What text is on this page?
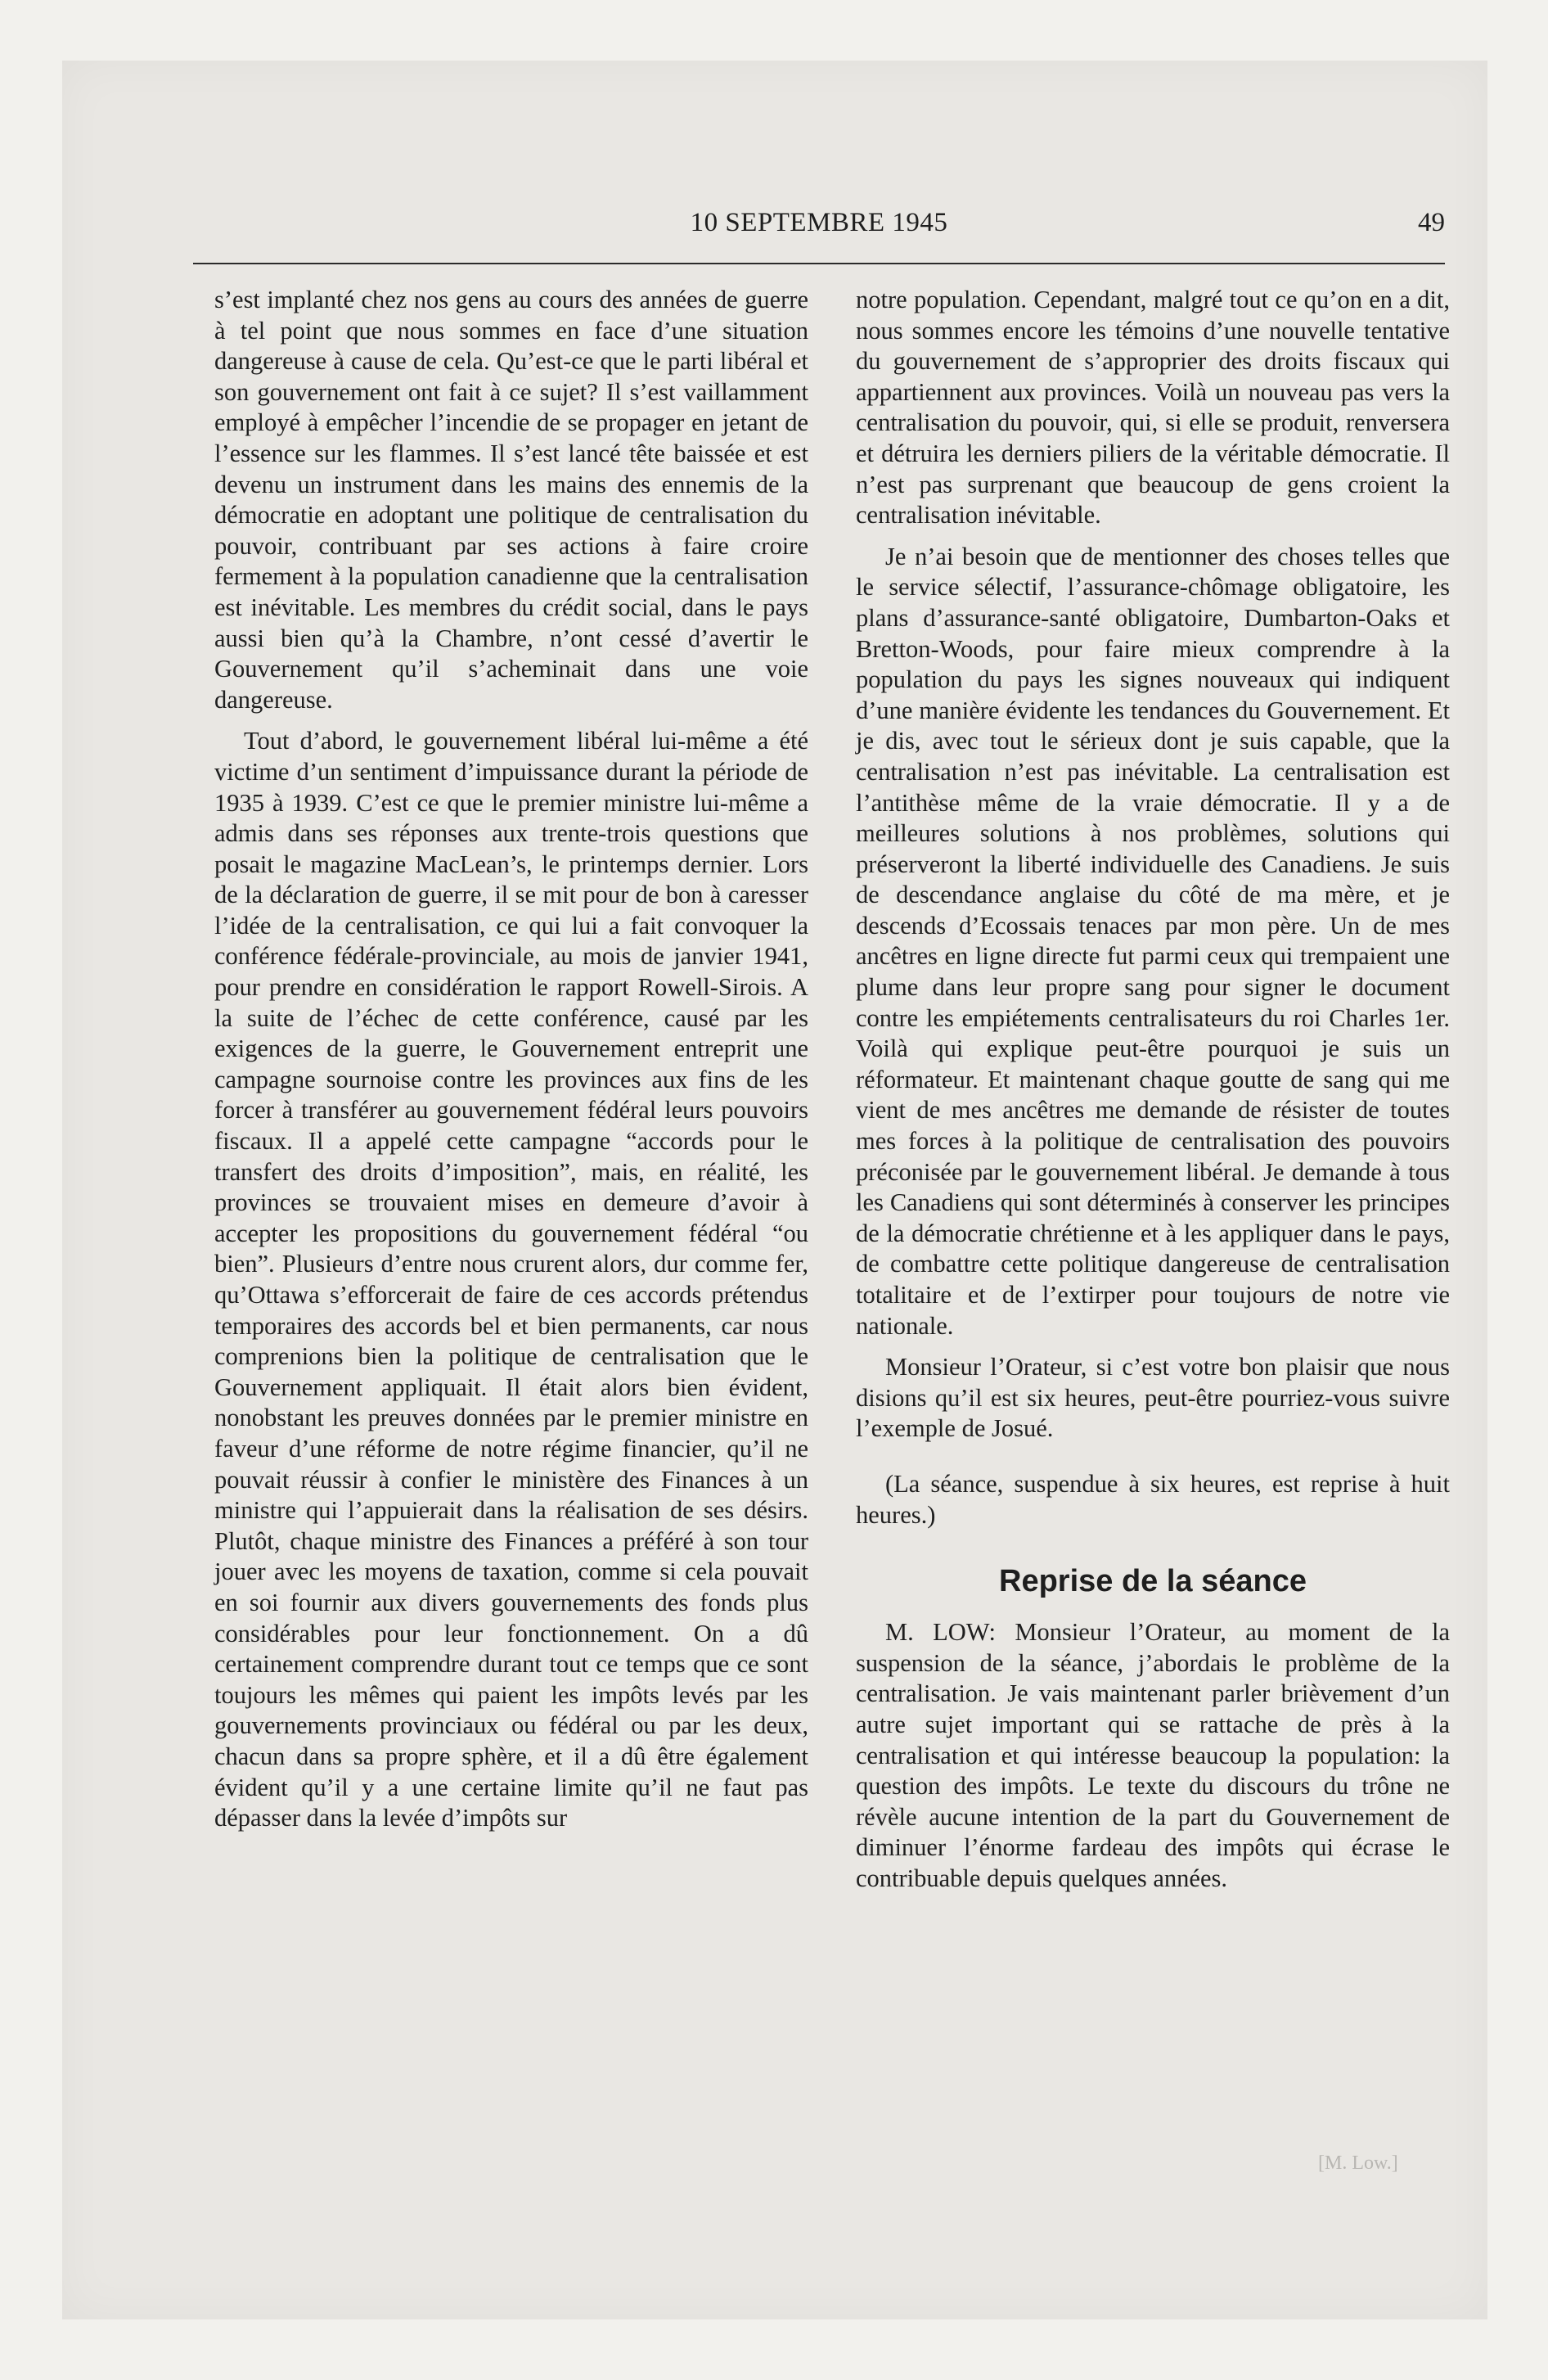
10 SEPTEMBRE 1945	49

s’est implanté chez nos gens au cours des années de guerre à tel point que nous sommes en face d’une situation dangereuse à cause de cela. Qu’est-ce que le parti libéral et son gouvernement ont fait à ce sujet? Il s’est vaillamment employé à empêcher l’incendie de se propager en jetant de l’essence sur les flammes. Il s’est lancé tête baissée et est devenu un instrument dans les mains des ennemis de la démocratie en adoptant une politique de centralisation du pouvoir, contribuant par ses actions à faire croire fermement à la population canadienne que la centralisation est inévitable. Les membres du crédit social, dans le pays aussi bien qu’à la Chambre, n’ont cessé d’avertir le Gouvernement qu’il s’acheminait dans une voie dangereuse.

Tout d’abord, le gouvernement libéral lui-même a été victime d’un sentiment d’impuissance durant la période de 1935 à 1939. C’est ce que le premier ministre lui-même a admis dans ses réponses aux trente-trois questions que posait le magazine MacLean’s, le printemps dernier. Lors de la déclaration de guerre, il se mit pour de bon à caresser l’idée de la centralisation, ce qui lui a fait convoquer la conférence fédérale-provinciale, au mois de janvier 1941, pour prendre en considération le rapport Rowell-Sirois. A la suite de l’échec de cette conférence, causé par les exigences de la guerre, le Gouvernement entreprit une campagne sournoise contre les provinces aux fins de les forcer à transférer au gouvernement fédéral leurs pouvoirs fiscaux. Il a appelé cette campagne “accords pour le transfert des droits d’imposition”, mais, en réalité, les provinces se trouvaient mises en demeure d’avoir à accepter les propositions du gouvernement fédéral “ou bien”. Plusieurs d’entre nous crurent alors, dur comme fer, qu’Ottawa s’efforcerait de faire de ces accords prétendus temporaires des accords bel et bien permanents, car nous comprenions bien la politique de centralisation que le Gouvernement appliquait. Il était alors bien évident, nonobstant les preuves données par le premier ministre en faveur d’une réforme de notre régime financier, qu’il ne pouvait réussir à confier le ministère des Finances à un ministre qui l’appuierait dans la réalisation de ses désirs. Plutôt, chaque ministre des Finances a préféré à son tour jouer avec les moyens de taxation, comme si cela pouvait en soi fournir aux divers gouvernements des fonds plus considérables pour leur fonctionnement. On a dû certainement comprendre durant tout ce temps que ce sont toujours les mêmes qui paient les impôts levés par les gouvernements provinciaux ou fédéral ou par les deux, chacun dans sa propre sphère, et il a dû être également évident qu’il y a une certaine limite qu’il ne faut pas dépasser dans la levée d’impôts sur

notre population. Cependant, malgré tout ce qu’on en a dit, nous sommes encore les témoins d’une nouvelle tentative du gouvernement de s’approprier des droits fiscaux qui appartiennent aux provinces. Voilà un nouveau pas vers la centralisation du pouvoir, qui, si elle se produit, renversera et détruira les derniers piliers de la véritable démocratie. Il n’est pas surprenant que beaucoup de gens croient la centralisation inévitable.

Je n’ai besoin que de mentionner des choses telles que le service sélectif, l’assurance-chômage obligatoire, les plans d’assurance-santé obligatoire, Dumbarton-Oaks et Bretton-Woods, pour faire mieux comprendre à la population du pays les signes nouveaux qui indiquent d’une manière évidente les tendances du Gouvernement. Et je dis, avec tout le sérieux dont je suis capable, que la centralisation n’est pas inévitable. La centralisation est l’antithèse même de la vraie démocratie. Il y a de meilleures solutions à nos problèmes, solutions qui préserveront la liberté individuelle des Canadiens. Je suis de descendance anglaise du côté de ma mère, et je descends d’Ecossais tenaces par mon père. Un de mes ancêtres en ligne directe fut parmi ceux qui trempaient une plume dans leur propre sang pour signer le document contre les empiétements centralisateurs du roi Charles 1er. Voilà qui explique peut-être pourquoi je suis un réformateur. Et maintenant chaque goutte de sang qui me vient de mes ancêtres me demande de résister de toutes mes forces à la politique de centralisation des pouvoirs préconisée par le gouvernement libéral. Je demande à tous les Canadiens qui sont déterminés à conserver les principes de la démocratie chrétienne et à les appliquer dans le pays, de combattre cette politique dangereuse de centralisation totalitaire et de l’extirper pour toujours de notre vie nationale.

Monsieur l’Orateur, si c’est votre bon plaisir que nous disions qu’il est six heures, peut-être pourriez-vous suivre l’exemple de Josué.

(La séance, suspendue à six heures, est reprise à huit heures.)

Reprise de la séance

M. LOW: Monsieur l’Orateur, au moment de la suspension de la séance, j’abordais le problème de la centralisation. Je vais maintenant parler brièvement d’un autre sujet important qui se rattache de près à la centralisation et qui intéresse beaucoup la population: la question des impôts. Le texte du discours du trône ne révèle aucune intention de la part du Gouvernement de diminuer l’énorme fardeau des impôts qui écrase le contribuable depuis quelques années.

[M. Low.]
